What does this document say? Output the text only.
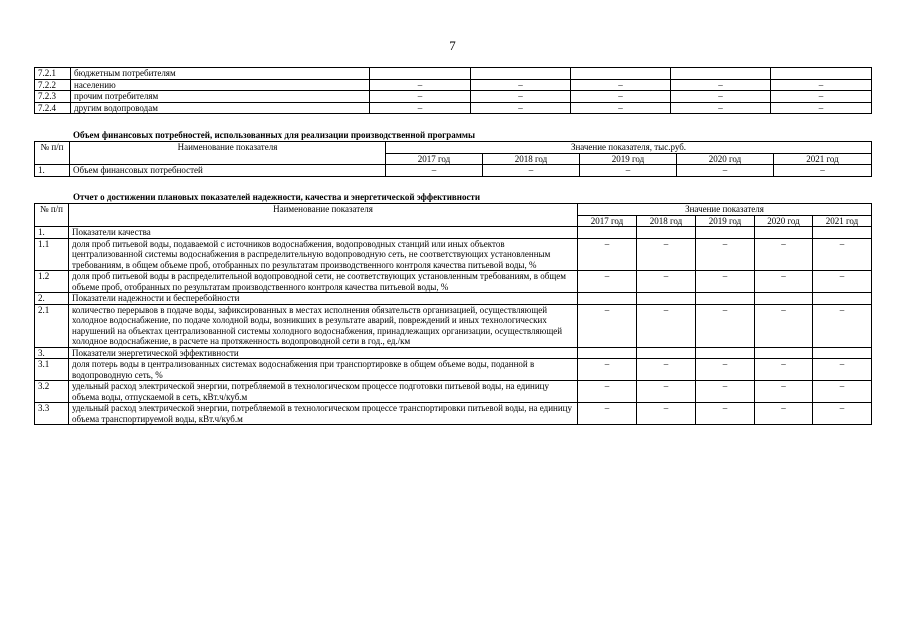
7
7.2.1	бюджетным потребителям					
7.2.2	населению	–	–	–	–	–
7.2.3	прочим потребителям	–	–	–	–	–
7.2.4	другим водопроводам	–	–	–	–	–
Объем финансовых потребностей, использованных для реализации производственной программы
№ п/п	Наименование показателя	Значение показателя, тыс.руб.				
		2017 год	2018 год	2019 год	2020 год	2021 год
1.	Объем финансовых потребностей	–	–	–	–	–
Отчет о достижении плановых показателей надежности, качества и энергетической эффективности
№ п/п	Наименование показателя	Значение показателя				
		2017 год	2018 год	2019 год	2020 год	2021 год
1.	Показатели качества					
1.1	доля проб питьевой воды, подаваемой с источников водоснабжения, водопроводных станций или иных объектов централизованной системы водоснабжения в распределительную водопроводную сеть, не соответствующих установленным требованиям, в общем объеме проб, отобранных по результатам производственного контроля качества питьевой воды, %	–	–	–	–	–
1.2	доля проб питьевой воды в распределительной водопроводной сети, не соответствующих установленным требованиям, в общем объеме проб, отобранных по результатам производственного контроля качества питьевой воды, %	–	–	–	–	–
2.	Показатели надежности и бесперебойности					
2.1	количество перерывов в подаче воды, зафиксированных в местах исполнения обязательств организацией, осуществляющей холодное водоснабжение, по подаче холодной воды, возникших в результате аварий, повреждений и иных технологических нарушений на объектах централизованной системы холодного водоснабжения, принадлежащих организации, осуществляющей холодное водоснабжение, в расчете на протяженность водопроводной сети в год., ед./км	–	–	–	–	–
3.	Показатели энергетической эффективности					
3.1	доля потерь воды в централизованных системах водоснабжения при транспортировке в общем объеме воды, поданной в водопроводную сеть, %	–	–	–	–	–
3.2	удельный расход электрической энергии, потребляемой в технологическом процессе подготовки питьевой воды, на единицу объема воды, отпускаемой в сеть, кВт.ч/куб.м	–	–	–	–	–
3.3	удельный расход электрической энергии, потребляемой в технологическом процессе транспортировки питьевой воды, на единицу объема транспортируемой воды, кВт.ч/куб.м	–	–	–	–	–
